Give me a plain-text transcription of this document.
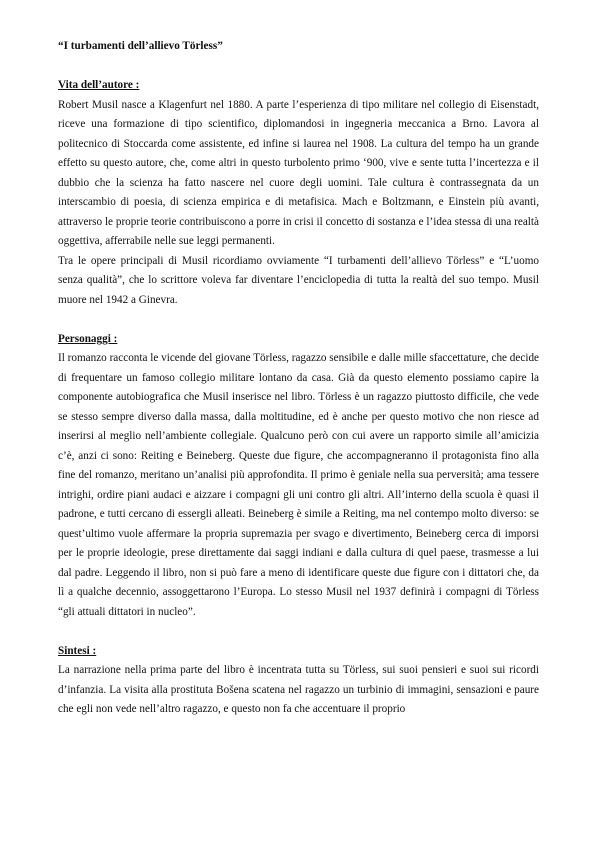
“I turbamenti dell’allievo Törless”
Vita dell’autore :

Robert Musil nasce a Klagenfurt nel 1880. A parte l’esperienza di tipo militare nel collegio di Eisenstadt, riceve una formazione di tipo scientifico, diplomandosi in ingegneria meccanica a Brno. Lavora al politecnico di Stoccarda come assistente, ed infine si laurea nel 1908. La cultura del tempo ha un grande effetto su questo autore, che, come altri in questo turbolento primo ‘900, vive e sente tutta l’incertezza e il dubbio che la scienza ha fatto nascere nel cuore degli uomini. Tale cultura è contrassegnata da un interscambio di poesia, di scienza empirica e di metafisica. Mach e Boltzmann, e Einstein più avanti, attraverso le proprie teorie contribuiscono a porre in crisi il concetto di sostanza e l’idea stessa di una realtà oggettiva, afferrabile nelle sue leggi permanenti.

Tra le opere principali di Musil ricordiamo ovviamente “I turbamenti dell’allievo Törless” e “L’uomo senza qualità”, che lo scrittore voleva far diventare l’enciclopedia di tutta la realtà del suo tempo. Musil muore nel 1942 a Ginevra.

Personaggi :

Il romanzo racconta le vicende del giovane Törless, ragazzo sensibile e dalle mille sfaccettature, che decide di frequentare un famoso collegio militare lontano da casa. Già da questo elemento possiamo capire la componente autobiografica che Musil inserisce nel libro. Törless è un ragazzo piuttosto difficile, che vede se stesso sempre diverso dalla massa, dalla moltitudine, ed è anche per questo motivo che non riesce ad inserirsi al meglio nell’ambiente collegiale. Qualcuno però con cui avere un rapporto simile all’amicizia c’è, anzi ci sono: Reiting e Beineberg. Queste due figure, che accompagneranno il protagonista fino alla fine del romanzo, meritano un’analisi più approfondita. Il primo è geniale nella sua perversità; ama tessere intrighi, ordire piani audaci e aizzare i compagni gli uni contro gli altri. All’interno della scuola è quasi il padrone, e tutti cercano di essergli alleati. Beineberg è simile a Reiting, ma nel contempo molto diverso: se quest’ultimo vuole affermare la propria supremazia per svago e divertimento, Beineberg cerca di imporsi per le proprie ideologie, prese direttamente dai saggi indiani e dalla cultura di quel paese, trasmesse a lui dal padre. Leggendo il libro, non si può fare a meno di identificare queste due figure con i dittatori che, da lì a qualche decennio, assoggettarono l’Europa. Lo stesso Musil nel 1937 definirà i compagni di Törless “gli attuali dittatori in nucleo”.

Sintesi :

La narrazione nella prima parte del libro è incentrata tutta su Törless, sui suoi pensieri e suoi sui ricordi d’infanzia. La visita alla prostituta Bošena scatena nel ragazzo un turbinio di immagini, sensazioni e paure che egli non vede nell’altro ragazzo, e questo non fa che accentuare il proprio
